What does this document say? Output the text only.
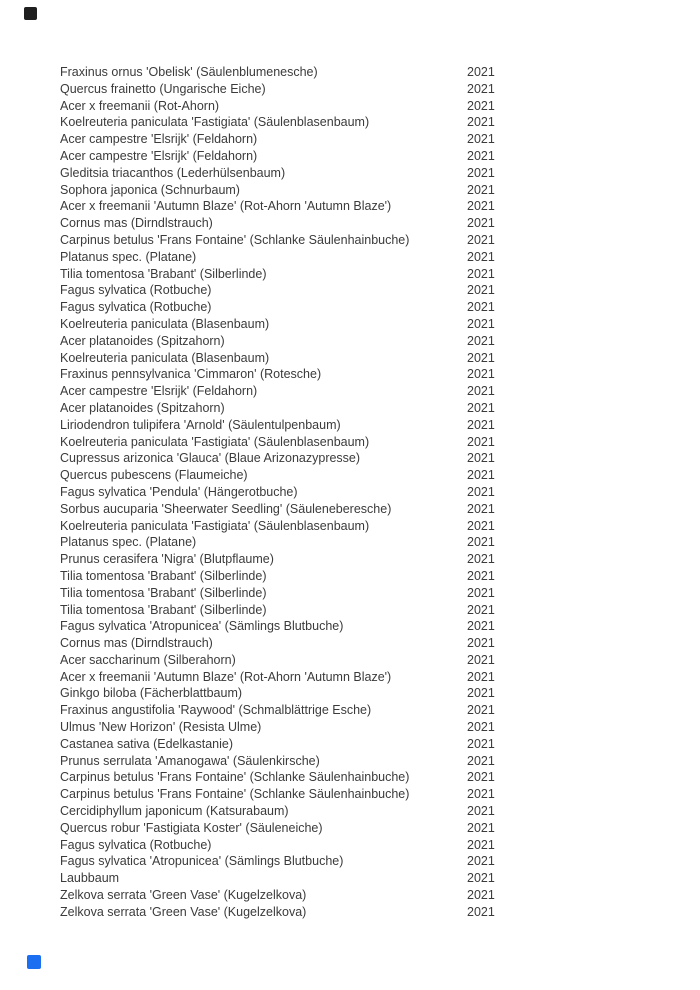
Fraxinus ornus 'Obelisk' (Säulenblumenesche)	2021
Quercus frainetto (Ungarische Eiche)	2021
Acer x freemanii (Rot-Ahorn)	2021
Koelreuteria paniculata 'Fastigiata' (Säulenblasenbaum)	2021
Acer campestre 'Elsrijk' (Feldahorn)	2021
Acer campestre 'Elsrijk' (Feldahorn)	2021
Gleditsia triacanthos (Lederhülsenbaum)	2021
Sophora japonica (Schnurbaum)	2021
Acer x freemanii 'Autumn Blaze' (Rot-Ahorn 'Autumn Blaze')	2021
Cornus mas (Dirndlstrauch)	2021
Carpinus betulus 'Frans Fontaine' (Schlanke Säulenhainbuche)	2021
Platanus spec. (Platane)	2021
Tilia tomentosa 'Brabant' (Silberlinde)	2021
Fagus sylvatica (Rotbuche)	2021
Fagus sylvatica (Rotbuche)	2021
Koelreuteria paniculata (Blasenbaum)	2021
Acer platanoides (Spitzahorn)	2021
Koelreuteria paniculata (Blasenbaum)	2021
Fraxinus pennsylvanica 'Cimmaron' (Rotesche)	2021
Acer campestre 'Elsrijk' (Feldahorn)	2021
Acer platanoides (Spitzahorn)	2021
Liriodendron tulipifera 'Arnold' (Säulentulpenbaum)	2021
Koelreuteria paniculata 'Fastigiata' (Säulenblasenbaum)	2021
Cupressus arizonica 'Glauca' (Blaue Arizonazypresse)	2021
Quercus pubescens (Flaumeiche)	2021
Fagus sylvatica 'Pendula' (Hängerotbuche)	2021
Sorbus aucuparia 'Sheerwater Seedling' (Säuleneberesche)	2021
Koelreuteria paniculata 'Fastigiata' (Säulenblasenbaum)	2021
Platanus spec. (Platane)	2021
Prunus cerasifera 'Nigra' (Blutpflaume)	2021
Tilia tomentosa 'Brabant' (Silberlinde)	2021
Tilia tomentosa 'Brabant' (Silberlinde)	2021
Tilia tomentosa 'Brabant' (Silberlinde)	2021
Fagus sylvatica 'Atropunicea' (Sämlings Blutbuche)	2021
Cornus mas (Dirndlstrauch)	2021
Acer saccharinum (Silberahorn)	2021
Acer x freemanii 'Autumn Blaze' (Rot-Ahorn 'Autumn Blaze')	2021
Ginkgo biloba (Fächerblattbaum)	2021
Fraxinus angustifolia 'Raywood' (Schmalblättrige Esche)	2021
Ulmus 'New Horizon' (Resista Ulme)	2021
Castanea sativa (Edelkastanie)	2021
Prunus serrulata 'Amanogawa' (Säulenkirsche)	2021
Carpinus betulus 'Frans Fontaine' (Schlanke Säulenhainbuche)	2021
Carpinus betulus 'Frans Fontaine' (Schlanke Säulenhainbuche)	2021
Cercidiphyllum japonicum (Katsurabaum)	2021
Quercus robur 'Fastigiata Koster' (Säuleneiche)	2021
Fagus sylvatica (Rotbuche)	2021
Fagus sylvatica 'Atropunicea' (Sämlings Blutbuche)	2021
Laubbaum	2021
Zelkova serrata 'Green Vase' (Kugelzelkova)	2021
Zelkova serrata 'Green Vase' (Kugelzelkova)	2021
